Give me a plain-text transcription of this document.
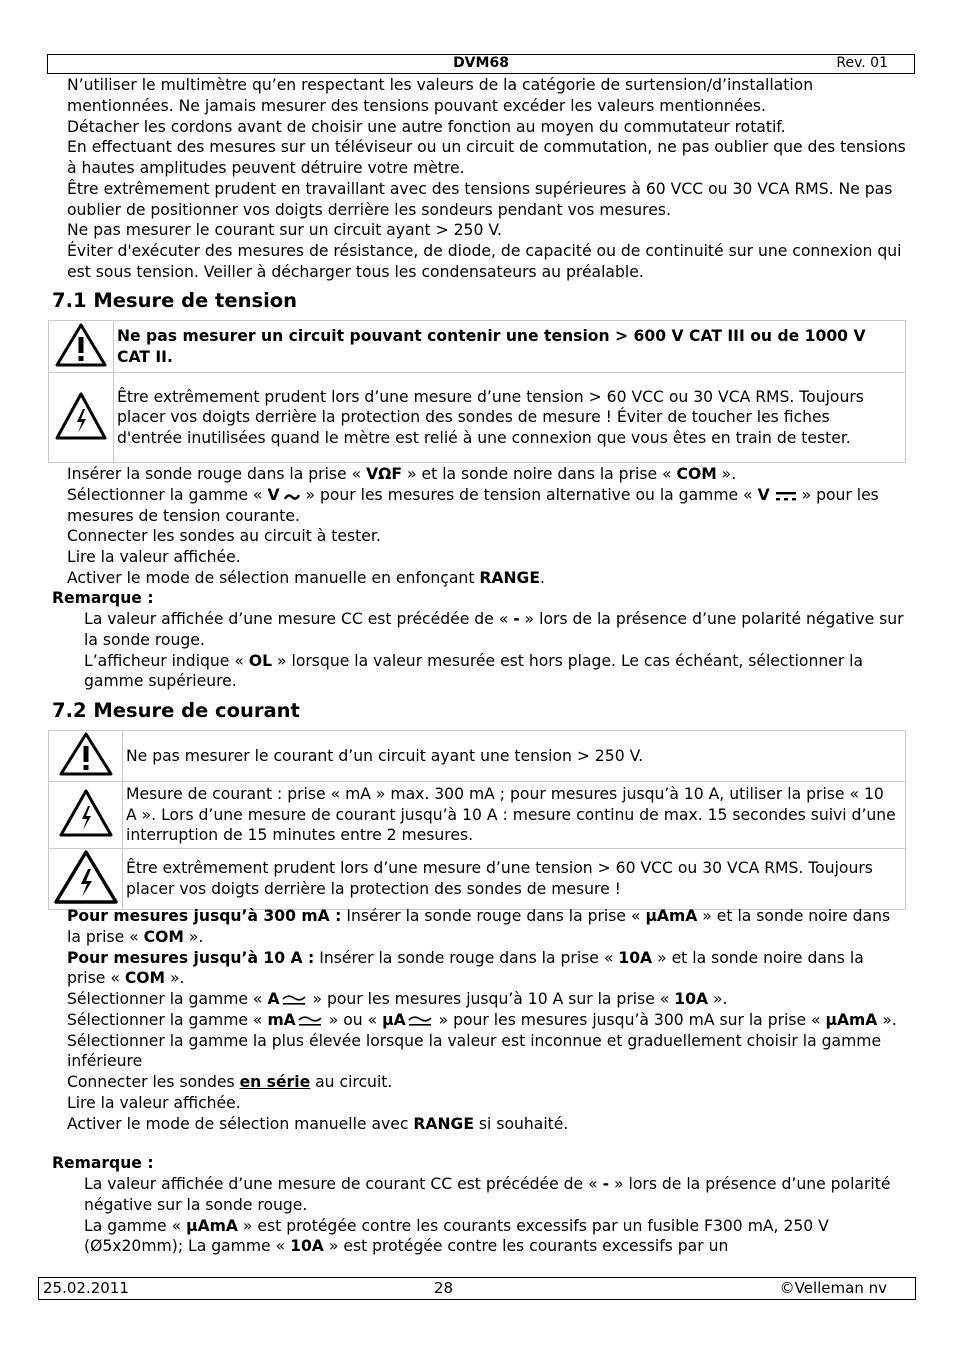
DVM68	Rev. 01

N’utiliser le multimètre qu’en respectant les valeurs de la catégorie de surtension/d’installation mentionnées. Ne jamais mesurer des tensions pouvant excéder les valeurs mentionnées.

Détacher les cordons avant de choisir une autre fonction au moyen du commutateur rotatif.

En effectuant des mesures sur un téléviseur ou un circuit de commutation, ne pas oublier que des tensions à hautes amplitudes peuvent détruire votre mètre.

Être extrêmement prudent en travaillant avec des tensions supérieures à 60 VCC ou 30 VCA RMS. Ne pas oublier de positionner vos doigts derrière les sondeurs pendant vos mesures.

Ne pas mesurer le courant sur un circuit ayant > 250 V.

Éviter d'exécuter des mesures de résistance, de diode, de capacité ou de continuité sur une connexion qui est sous tension. Veiller à décharger tous les condensateurs au préalable.

7.1 Mesure de tension
	Ne pas mesurer un circuit pouvant contenir une tension > 600 V CAT III ou de 1000 V CAT II.
	Être extrêmement prudent lors d’une mesure d’une tension > 60 VCC ou 30 VCA RMS. Toujours placer vos doigts derrière la protection des sondes de mesure ! Éviter de toucher les fiches d'entrée inutilisées quand le mètre est relié à une connexion que vous êtes en train de tester.

Insérer la sonde rouge dans la prise « VΩF » et la sonde noire dans la prise « COM ».

Sélectionner la gamme « V  » pour les mesures de tension alternative ou la gamme « V  » pour les mesures de tension courante.

Connecter les sondes au circuit à tester.

Lire la valeur affichée.

Activer le mode de sélection manuelle en enfonçant RANGE.

Remarque :

La valeur affichée d’une mesure CC est précédée de « - » lors de la présence d’une polarité négative sur la sonde rouge.

L’afficheur indique « OL » lorsque la valeur mesurée est hors plage. Le cas échéant, sélectionner la gamme supérieure.

7.2 Mesure de courant
	Ne pas mesurer le courant d’un circuit ayant une tension > 250 V.
	Mesure de courant : prise « mA » max. 300 mA ; pour mesures jusqu’à 10 A, utiliser la prise « 10 A ». Lors d’une mesure de courant jusqu’à 10 A : mesure continu de max. 15 secondes suivi d’une interruption de 15 minutes entre 2 mesures.
	Être extrêmement prudent lors d’une mesure d’une tension > 60 VCC ou 30 VCA RMS. Toujours placer vos doigts derrière la protection des sondes de mesure !

Pour mesures jusqu’à 300 mA : Insérer la sonde rouge dans la prise « µAmA » et la sonde noire dans la prise « COM ».

Pour mesures jusqu’à 10 A : Insérer la sonde rouge dans la prise « 10A » et la sonde noire dans la prise « COM ».

Sélectionner la gamme « A » pour les mesures jusqu’à 10 A sur la prise « 10A ».

Sélectionner la gamme « mA » ou « µA » pour les mesures jusqu’à 300 mA sur la prise « µAmA ».

Sélectionner la gamme la plus élevée lorsque la valeur est inconnue et graduellement choisir la gamme inférieure

Connecter les sondes en série au circuit.

Lire la valeur affichée.

Activer le mode de sélection manuelle avec RANGE si souhaité.

Remarque :

La valeur affichée d’une mesure de courant CC est précédée de « - » lors de la présence d’une polarité négative sur la sonde rouge.

La gamme « µAmA » est protégée contre les courants excessifs par un fusible F300 mA, 250 V (Ø5x20mm); La gamme « 10A » est protégée contre les courants excessifs par un

25.02.2011	28	©Velleman nv
